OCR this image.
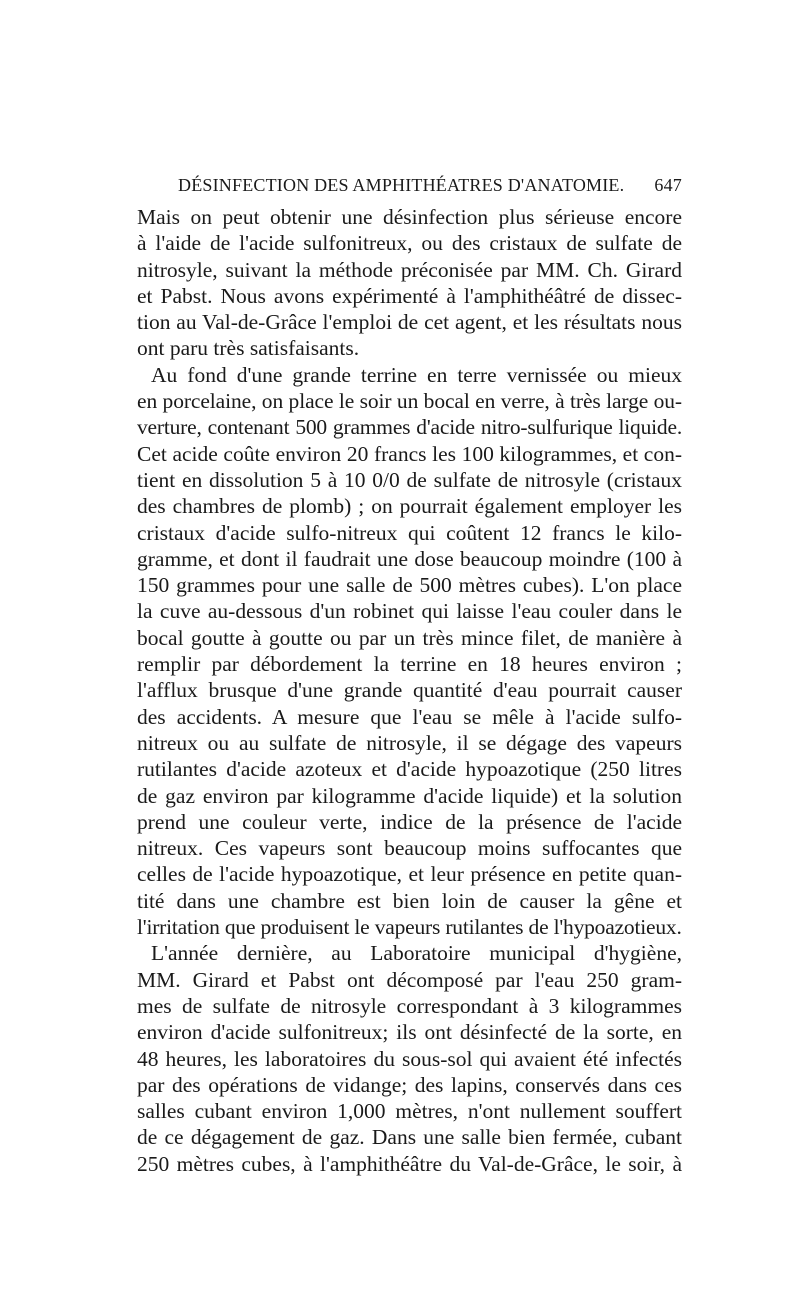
DÉSINFECTION DES AMPHITHÉATRES D'ANATOMIE. 647
Mais on peut obtenir une désinfection plus sérieuse encore
à l'aide de l'acide sulfonitreux, ou des cristaux de sulfate de
nitrosyle, suivant la méthode préconisée par MM. Ch. Girard
et Pabst. Nous avons expérimenté à l'amphithéâtré de dissec-
tion au Val-de-Grâce l'emploi de cet agent, et les résultats nous
ont paru très satisfaisants.
Au fond d'une grande terrine en terre vernissée ou mieux
en porcelaine, on place le soir un bocal en verre, à très large ou-
verture, contenant 500 grammes d'acide nitro-sulfurique liquide.
Cet acide coûte environ 20 francs les 100 kilogrammes, et con-
tient en dissolution 5 à 10 0/0 de sulfate de nitrosyle (cristaux
des chambres de plomb) ; on pourrait également employer les
cristaux d'acide sulfo-nitreux qui coûtent 12 francs le kilo-
gramme, et dont il faudrait une dose beaucoup moindre (100 à
150 grammes pour une salle de 500 mètres cubes). L'on place
la cuve au-dessous d'un robinet qui laisse l'eau couler dans le
bocal goutte à goutte ou par un très mince filet, de manière à
remplir par débordement la terrine en 18 heures environ ;
l'afflux brusque d'une grande quantité d'eau pourrait causer
des accidents. A mesure que l'eau se mêle à l'acide sulfo-
nitreux ou au sulfate de nitrosyle, il se dégage des vapeurs
rutilantes d'acide azoteux et d'acide hypoazotique (250 litres
de gaz environ par kilogramme d'acide liquide) et la solution
prend une couleur verte, indice de la présence de l'acide
nitreux. Ces vapeurs sont beaucoup moins suffocantes que
celles de l'acide hypoazotique, et leur présence en petite quan-
tité dans une chambre est bien loin de causer la gêne et
l'irritation que produisent le vapeurs rutilantes de l'hypoazotieux.
L'année dernière, au Laboratoire municipal d'hygiène,
MM. Girard et Pabst ont décomposé par l'eau 250 gram-
mes de sulfate de nitrosyle correspondant à 3 kilogrammes
environ d'acide sulfonitreux; ils ont désinfecté de la sorte, en
48 heures, les laboratoires du sous-sol qui avaient été infectés
par des opérations de vidange; des lapins, conservés dans ces
salles cubant environ 1,000 mètres, n'ont nullement souffert
de ce dégagement de gaz. Dans une salle bien fermée, cubant
250 mètres cubes, à l'amphithéâtre du Val-de-Grâce, le soir, à
